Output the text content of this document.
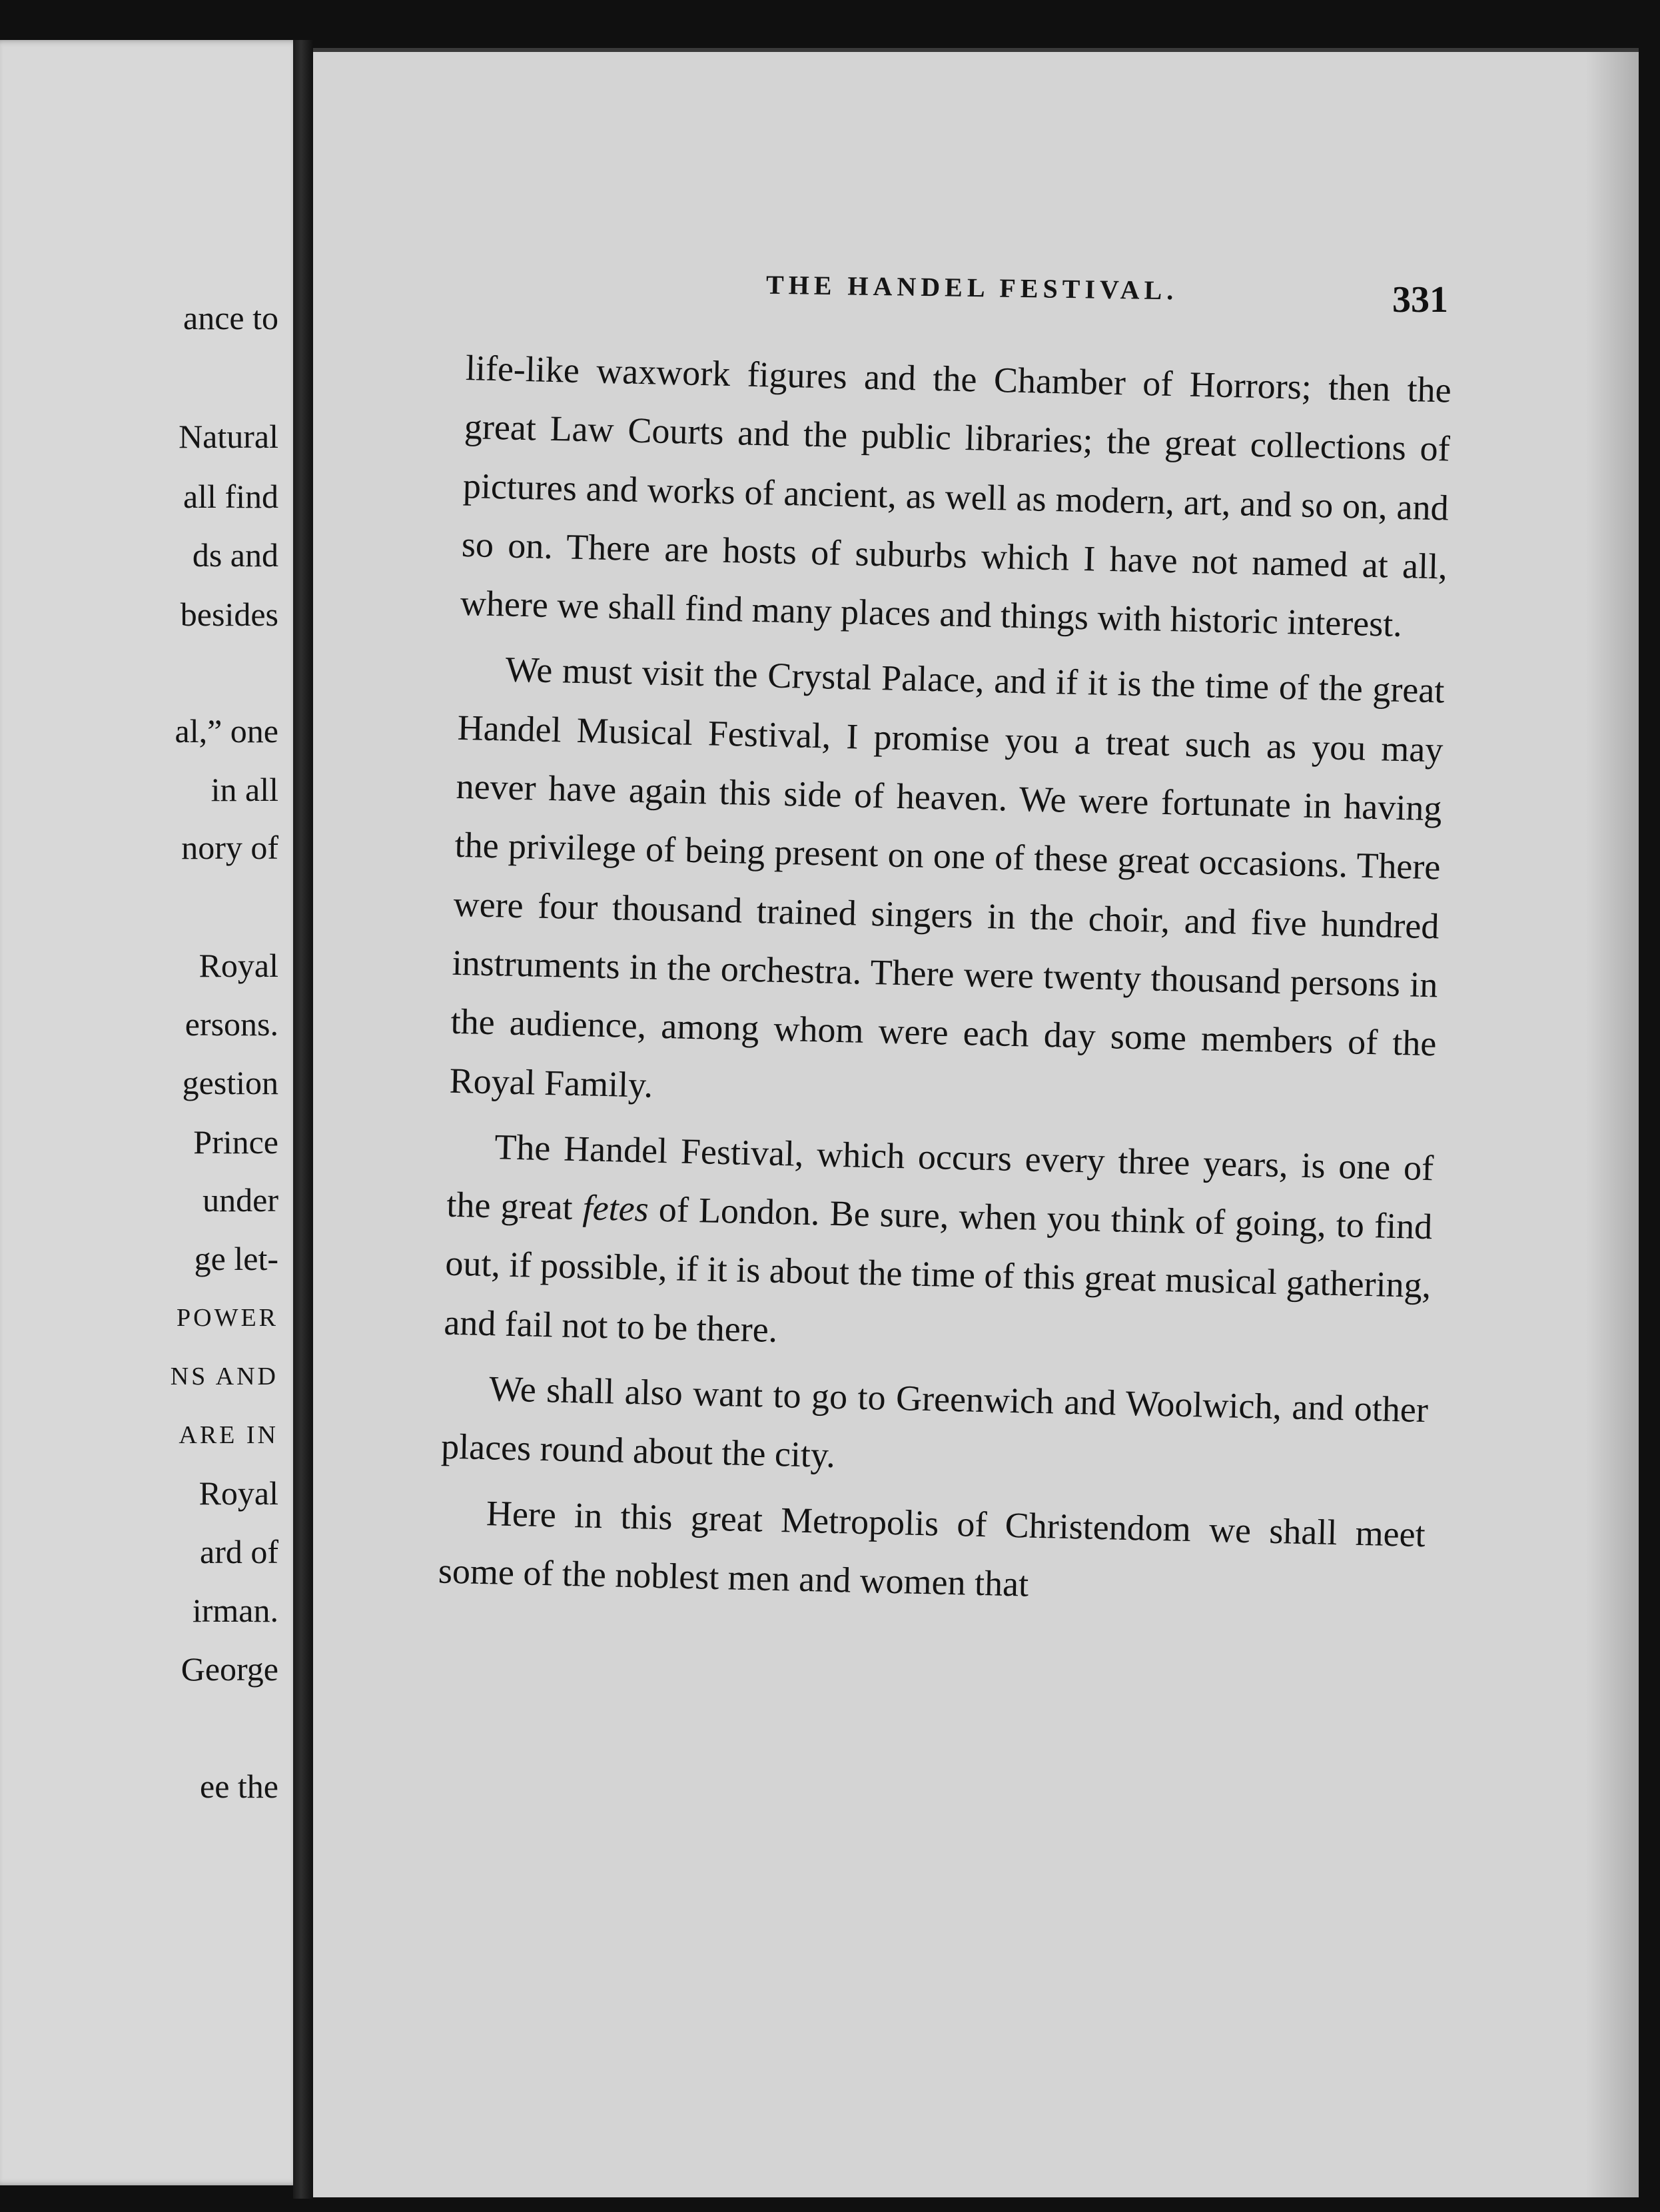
ance to
Natural
all find
ds and
besides
al,” one
in all
nory of
Royal
ersons.
gestion
Prince
under
ge let-
POWER
NS AND
ARE IN
Royal
ard of
irman.
George
ee the
THE HANDEL FESTIVAL.	331

life-like waxwork figures and the Chamber of Horrors; then the great Law Courts and the public libraries; the great collections of pictures and works of ancient, as well as modern, art, and so on, and so on. There are hosts of suburbs which I have not named at all, where we shall find many places and things with historic interest.

We must visit the Crystal Palace, and if it is the time of the great Handel Musical Festival, I promise you a treat such as you may never have again this side of heaven. We were fortunate in having the privilege of being present on one of these great occasions. There were four thousand trained singers in the choir, and five hundred instruments in the orchestra. There were twenty thousand persons in the audience, among whom were each day some members of the Royal Family.

The Handel Festival, which occurs every three years, is one of the great fetes of London. Be sure, when you think of going, to find out, if possible, if it is about the time of this great musical gathering, and fail not to be there.

We shall also want to go to Greenwich and Woolwich, and other places round about the city.

Here in this great Metropolis of Christendom we shall meet some of the noblest men and women that
